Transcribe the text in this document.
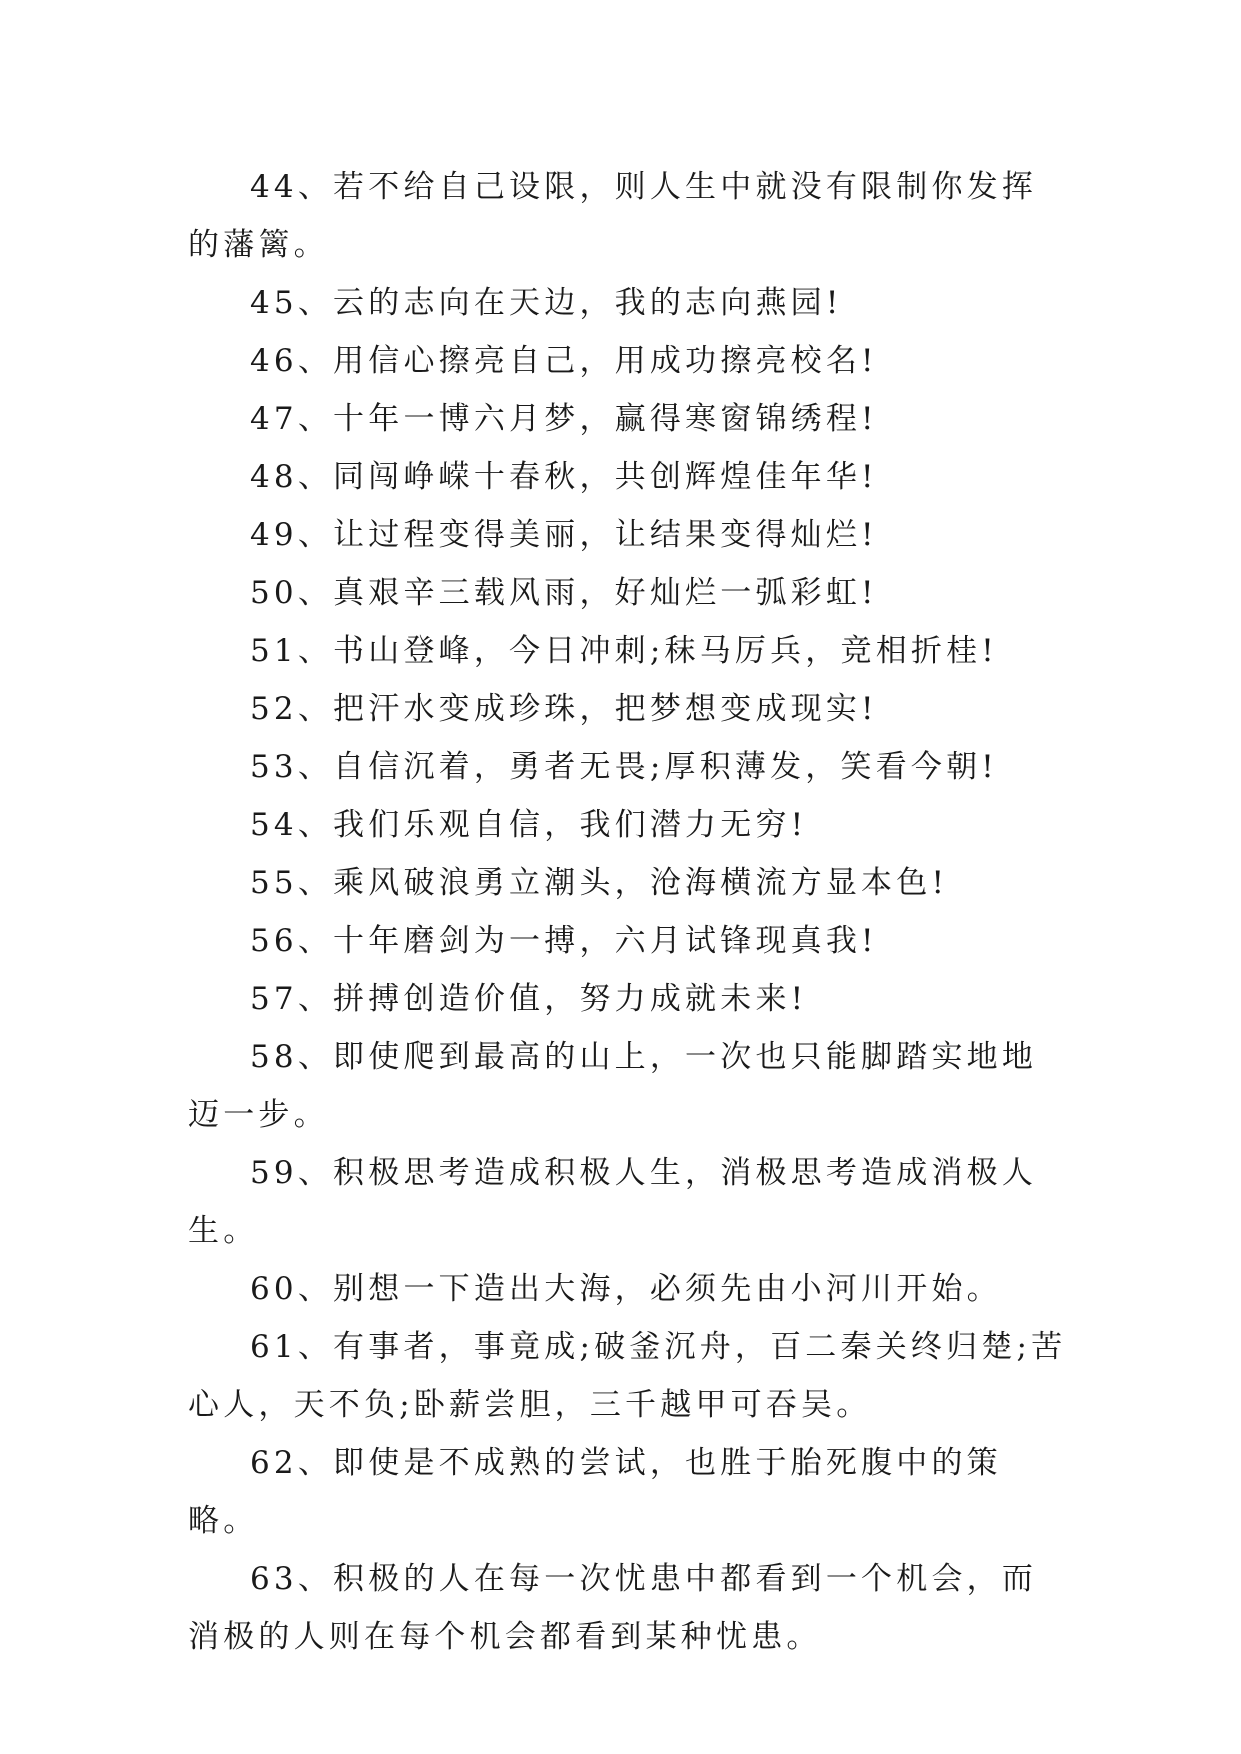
44、若不给自己设限，则人生中就没有限制你发挥的藩篱。

45、云的志向在天边，我的志向燕园!

46、用信心擦亮自己，用成功擦亮校名!

47、十年一博六月梦，赢得寒窗锦绣程!

48、同闯峥嵘十春秋，共创辉煌佳年华!

49、让过程变得美丽，让结果变得灿烂!

50、真艰辛三载风雨，好灿烂一弧彩虹!

51、书山登峰，今日冲刺;秣马厉兵，竞相折桂!

52、把汗水变成珍珠，把梦想变成现实!

53、自信沉着，勇者无畏;厚积薄发，笑看今朝!

54、我们乐观自信，我们潜力无穷!

55、乘风破浪勇立潮头，沧海横流方显本色!

56、十年磨剑为一搏，六月试锋现真我!

57、拼搏创造价值，努力成就未来!

58、即使爬到最高的山上，一次也只能脚踏实地地迈一步。

59、积极思考造成积极人生，消极思考造成消极人生。

60、别想一下造出大海，必须先由小河川开始。

61、有事者，事竟成;破釜沉舟，百二秦关终归楚;苦心人，天不负;卧薪尝胆，三千越甲可吞吴。

62、即使是不成熟的尝试，也胜于胎死腹中的策略。

63、积极的人在每一次忧患中都看到一个机会，而消极的人则在每个机会都看到某种忧患。
